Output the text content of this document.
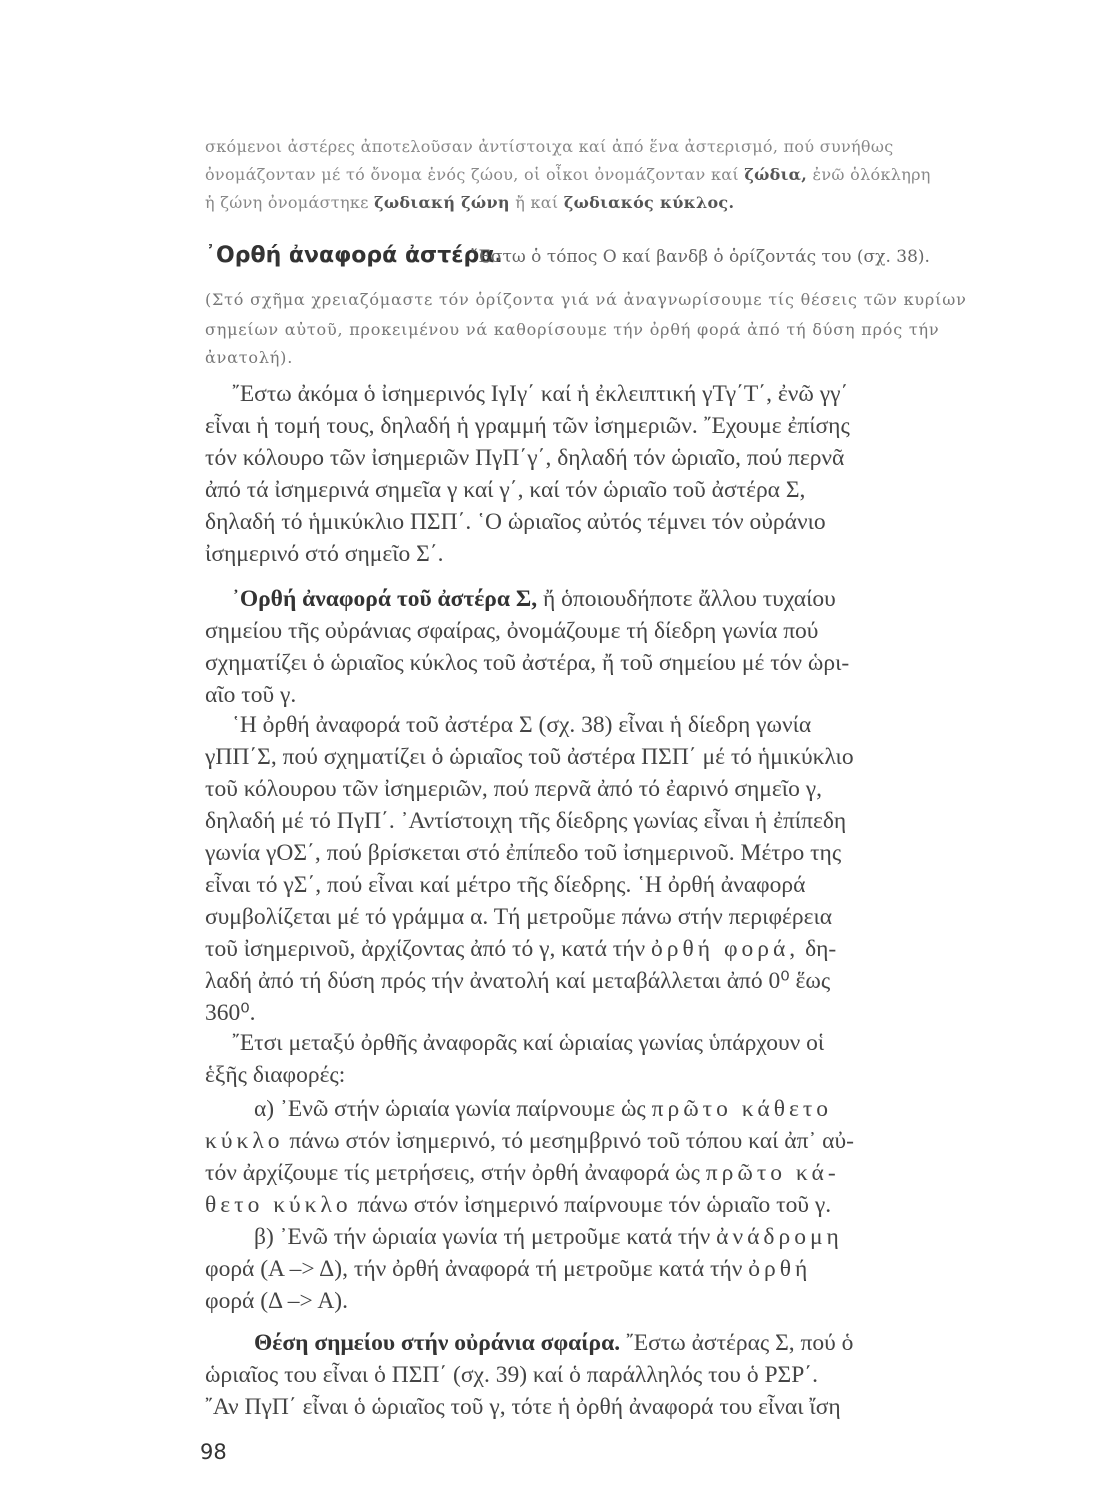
σκόμενοι ἀστέρες ἀποτελοῦσαν ἀντίστοιχα καί ἀπό ἕνα ἀστερισμό, πού συνήθως
ὀνομάζονταν μέ τό ὄνομα ἑνός ζώου, οἱ οἶκοι ὀνομάζονταν καί ζώδια, ἐνῶ ὁλόκληρη
ἡ ζώνη ὀνομάστηκε ζωδιακή ζώνη ἤ καί ζωδιακός κύκλος.
᾿Ορθή ἀναφορά ἀστέρα.
῎Εστω ὁ τόπος Ο καί βανδβ ὁ ὁρίζοντάς του (σχ. 38).
(Στό σχῆμα χρειαζόμαστε τόν ὁρίζοντα γιά νά ἀναγνωρίσουμε τίς θέσεις τῶν κυρίων
σημείων αὐτοῦ, προκειμένου νά καθορίσουμε τήν ὀρθή φορά ἀπό τή δύση πρός τήν
ἀνατολή).
῎Εστω ἀκόμα ὁ ἰσημερινός ΙγΙγ΄ καί ἡ ἐκλειπτική γΤγ΄Τ΄, ἐνῶ γγ΄
εἶναι ἡ τομή τους, δηλαδή ἡ γραμμή τῶν ἰσημεριῶν. ῎Εχουμε ἐπίσης
τόν κόλουρο τῶν ἰσημεριῶν ΠγΠ΄γ΄, δηλαδή τόν ὡριαῖο, πού περνᾶ
ἀπό τά ἰσημερινά σημεῖα γ καί γ΄, καί τόν ὡριαῖο τοῦ ἀστέρα Σ,
δηλαδή τό ἡμικύκλιο ΠΣΠ΄. ῾Ο ὡριαῖος αὐτός τέμνει τόν οὐράνιο
ἰσημερινό στό σημεῖο Σ΄.
᾿Ορθή ἀναφορά τοῦ ἀστέρα Σ, ἤ ὁποιουδήποτε ἄλλου τυχαίου
σημείου τῆς οὐράνιας σφαίρας, ὀνομάζουμε τή δίεδρη γωνία πού
σχηματίζει ὁ ὡριαῖος κύκλος τοῦ ἀστέρα, ἤ τοῦ σημείου μέ τόν ὡρι-
αῖο τοῦ γ.
῾Η ὀρθή ἀναφορά τοῦ ἀστέρα Σ (σχ. 38) εἶναι ἡ δίεδρη γωνία
γΠΠ΄Σ, πού σχηματίζει ὁ ὡριαῖος τοῦ ἀστέρα ΠΣΠ΄ μέ τό ἡμικύκλιο
τοῦ κόλουρου τῶν ἰσημεριῶν, πού περνᾶ ἀπό τό ἐαρινό σημεῖο γ,
δηλαδή μέ τό ΠγΠ΄. ᾿Αντίστοιχη τῆς δίεδρης γωνίας εἶναι ἡ ἐπίπεδη
γωνία γΟΣ΄, πού βρίσκεται στό ἐπίπεδο τοῦ ἰσημερινοῦ. Μέτρο της
εἶναι τό γΣ΄, πού εἶναι καί μέτρο τῆς δίεδρης. ῾Η ὀρθή ἀναφορά
συμβολίζεται μέ τό γράμμα α. Τή μετροῦμε πάνω στήν περιφέρεια
τοῦ ἰσημερινοῦ, ἀρχίζοντας ἀπό τό γ, κατά τήν ὀρθή φορά, δη-
λαδή ἀπό τή δύση πρός τήν ἀνατολή καί μεταβάλλεται ἀπό 0⁰ ἕως
360⁰.
῎Ετσι μεταξύ ὀρθῆς ἀναφορᾶς καί ὡριαίας γωνίας ὑπάρχουν οἱ
ἑξῆς διαφορές:
α) ᾿Ενῶ στήν ὡριαία γωνία παίρνουμε ὡς πρῶτο κάθετο
κύκλο πάνω στόν ἰσημερινό, τό μεσημβρινό τοῦ τόπου καί ἀπ᾿ αὐ-
τόν ἀρχίζουμε τίς μετρήσεις, στήν ὀρθή ἀναφορά ὡς πρῶτο κά-
θετο κύκλο πάνω στόν ἰσημερινό παίρνουμε τόν ὡριαῖο τοῦ γ.
β) ᾿Ενῶ τήν ὡριαία γωνία τή μετροῦμε κατά τήν ἀνάδρομη
φορά (Α –> Δ), τήν ὀρθή ἀναφορά τή μετροῦμε κατά τήν ὀρθή
φορά (Δ –> Α).
Θέση σημείου στήν οὐράνια σφαίρα. ῎Εστω ἀστέρας Σ, πού ὁ
ὡριαῖος του εἶναι ὁ ΠΣΠ΄ (σχ. 39) καί ὁ παράλληλός του ὁ ΡΣΡ΄.
῎Αν ΠγΠ΄ εἶναι ὁ ὡριαῖος τοῦ γ, τότε ἡ ὀρθή ἀναφορά του εἶναι ἴση
98
